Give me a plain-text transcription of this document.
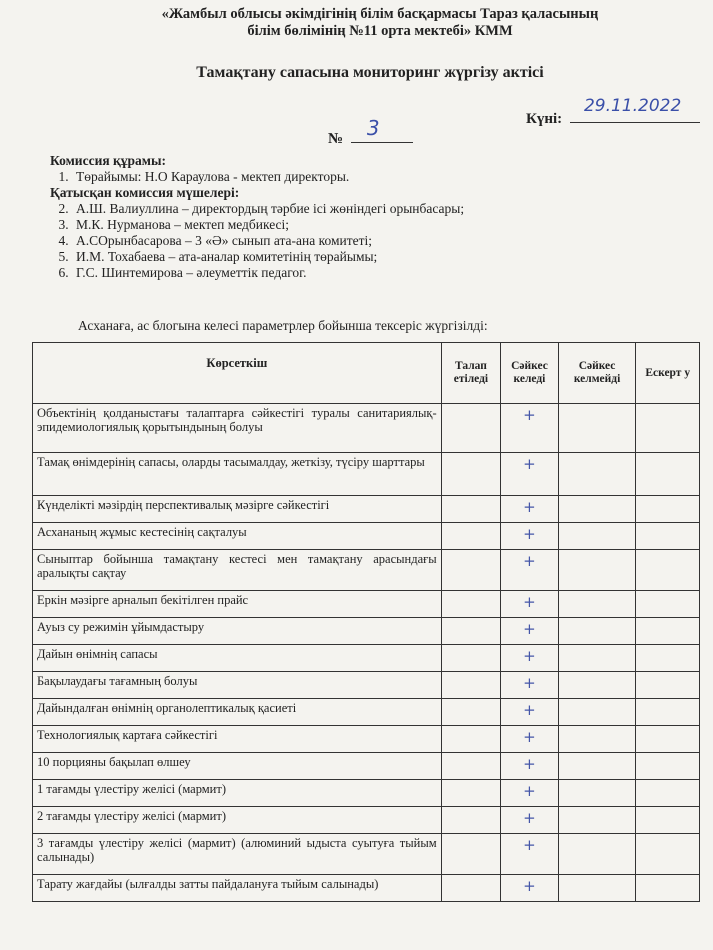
«Жамбыл облысы әкімдігінің білім басқармасы Тараз қаласының
білім бөлімінің №11 орта мектебі» КММ
Тамақтану сапасына мониторинг жүргізу актісі
Күні:
29.11.2022
№ 3
Комиссия құрамы:
1. Төрайымы: Н.О Караулова - мектеп директоры.
Қатысқан комиссия мүшелері:
2. А.Ш. Валиуллина – директордың тәрбие ісі жөніндегі орынбасары;
3. М.К. Нурманова – мектеп медбикесі;
4. А.СОрынбасарова – 3 «Ә» сынып ата-ана комитеті;
5. И.М. Тохабаева – ата-аналар комитетінің төрайымы;
6. Г.С. Шинтемирова – әлеуметтік педагог.
Асханаға, ас блогына келесі параметрлер бойынша тексеріс жүргізілді:
Көрсеткіш	Талап етіледі	Сәйкес келеді	Сәйкес келмейді	Ескерт у
Объектінің қолданыстағы талаптарға сәйкестігі туралы санитариялық-эпидемиологиялық қорытындының болуы		+		
Тамақ өнімдерінің сапасы, оларды тасымалдау, жеткізу, түсіру шарттары		+		
Күнделікті мәзірдің перспективалық мәзірге сәйкестігі		+		
Асхананың жұмыс кестесінің сақталуы		+		
Сыныптар бойынша тамақтану кестесі мен тамақтану арасындағы аралықты сақтау		+		
Еркін мәзірге арналып бекітілген прайс		+		
Ауыз су режимін ұйымдастыру		+		
Дайын өнімнің сапасы		+		
Бақылаудағы тағамның болуы		+		
Дайындалған өнімнің органолептикалық қасиеті		+		
Технологиялық картаға сәйкестігі		+		
10 порцияны бақылап өлшеу		+		
1 тағамды үлестіру желісі (мармит)		+		
2 тағамды үлестіру желісі (мармит)		+		
3 тағамды үлестіру желісі (мармит) (алюминий ыдыста суытуға тыйым салынады)		+		
Тарату жағдайы (ылғалды затты пайдалануға тыйым салынады)		+		
